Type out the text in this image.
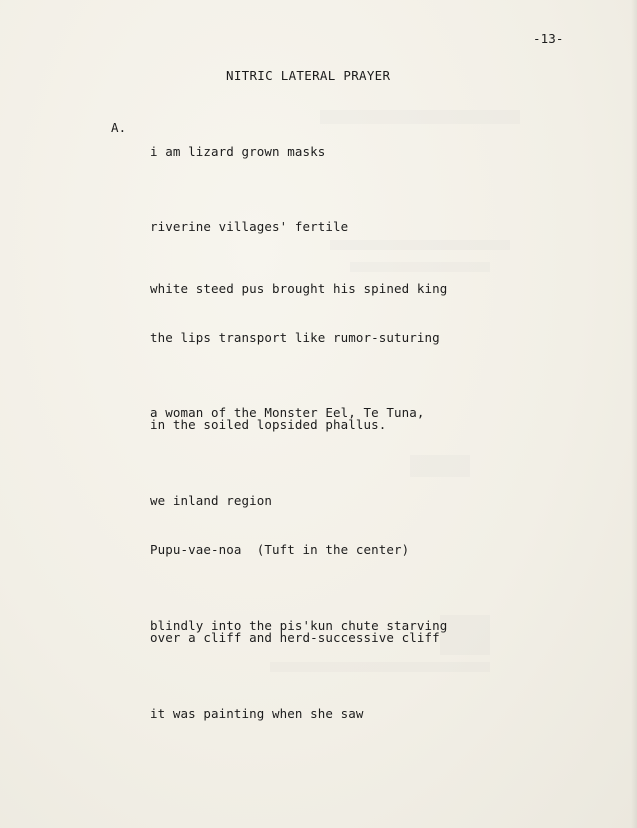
-13-
NITRIC LATERAL PRAYER
A.
i am lizard grown masks
riverine villages' fertile
white steed pus brought his spined king
the lips transport like rumor-suturing
a woman of the Monster Eel, Te Tuna,
in the soiled lopsided phallus.
we inland region
Pupu-vae-noa  (Tuft in the center)
blindly into the pis'kun chute starving
over a cliff and herd-successive cliff
it was painting when she saw
